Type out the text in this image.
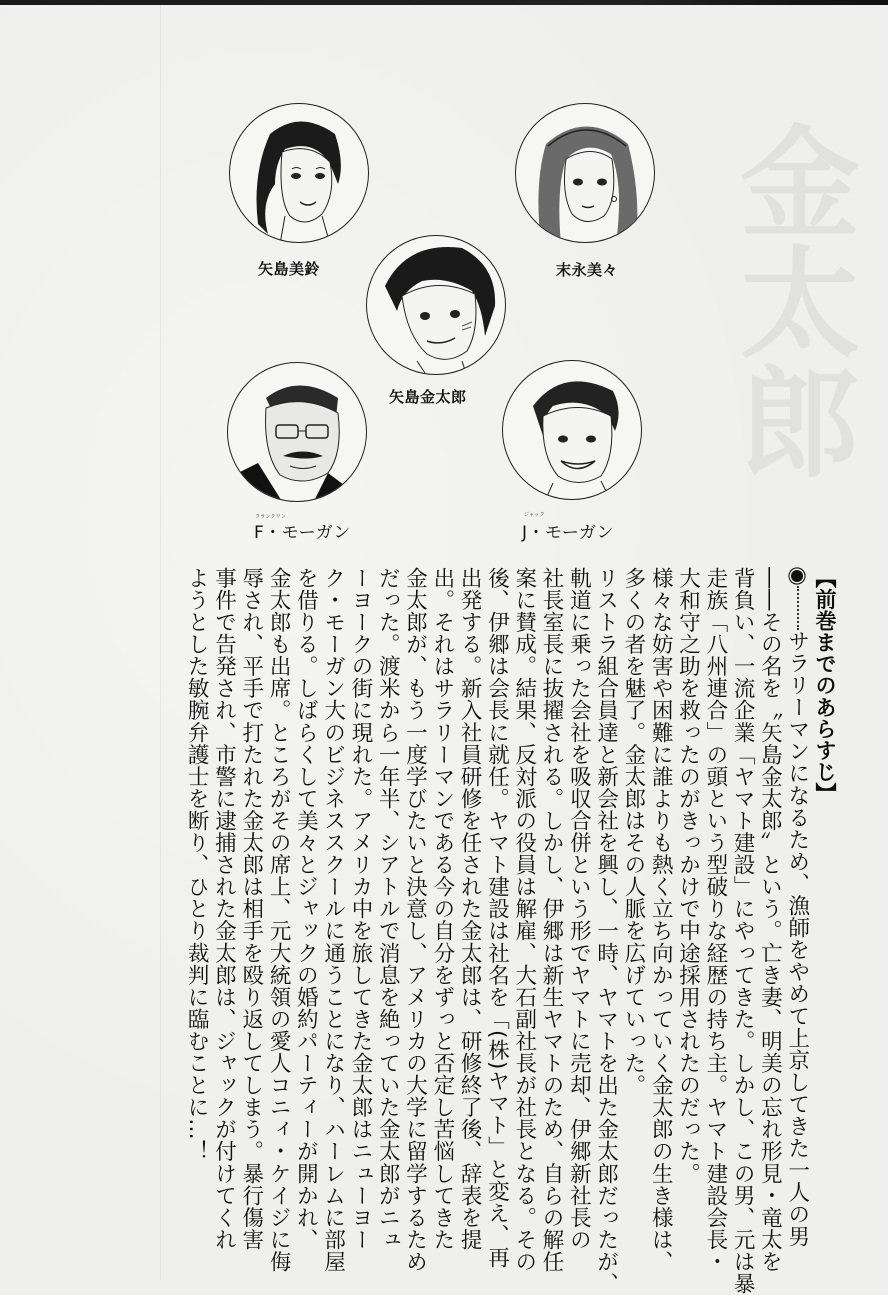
金太郎
矢島美鈴	末永美々
矢島金太郎
フランクリン
F・モーガン
ジャック
J・モーガン
【前巻までのあらすじ】
サラリーマンになるため、漁師をやめて上京してきた一人の男
――その名を〝矢島金太郎〟という。亡き妻、明美の忘れ形見・竜太を
背負い、一流企業「ヤマト建設」にやってきた。しかし、この男、元は暴
走族「八州連合」の頭という型破りな経歴の持ち主。ヤマト建設会長・
大和守之助を救ったのがきっかけで中途採用されたのだった。
様々な妨害や困難に誰よりも熱く立ち向かっていく金太郎の生き様は、
多くの者を魅了。金太郎はその人脈を広げていった。
リストラ組合員達と新会社を興し、一時、ヤマトを出た金太郎だったが、
軌道に乗った会社を吸収合併という形でヤマトに売却、伊郷新社長の
社長室長に抜擢される。しかし、伊郷は新生ヤマトのため、自らの解任
案に賛成。結果、反対派の役員は解雇、大石副社長が社長となる。その
後、伊郷は会長に就任。ヤマト建設は社名を「(株)ヤマト」と変え、再
出発する。新入社員研修を任された金太郎は、研修終了後、辞表を提
出。それはサラリーマンである今の自分をずっと否定し苦悩してきた
金太郎が、もう一度学びたいと決意し、アメリカの大学に留学するため
だった。渡米から一年半、シアトルで消息を絶っていた金太郎がニュ
ーヨークの街に現れた。アメリカ中を旅してきた金太郎はニューヨー
ク・モーガン大のビジネススクールに通うことになり、ハーレムに部屋
を借りる。しばらくして美々とジャックの婚約パーティーが開かれ、
金太郎も出席。ところがその席上、元大統領の愛人コニィ・ケイジに侮
辱され、平手で打たれた金太郎は相手を殴り返してしまう。暴行傷害
事件で告発され、市警に逮捕された金太郎は、ジャックが付けてくれ
ようとした敏腕弁護士を断り、ひとり裁判に臨むことに…！
